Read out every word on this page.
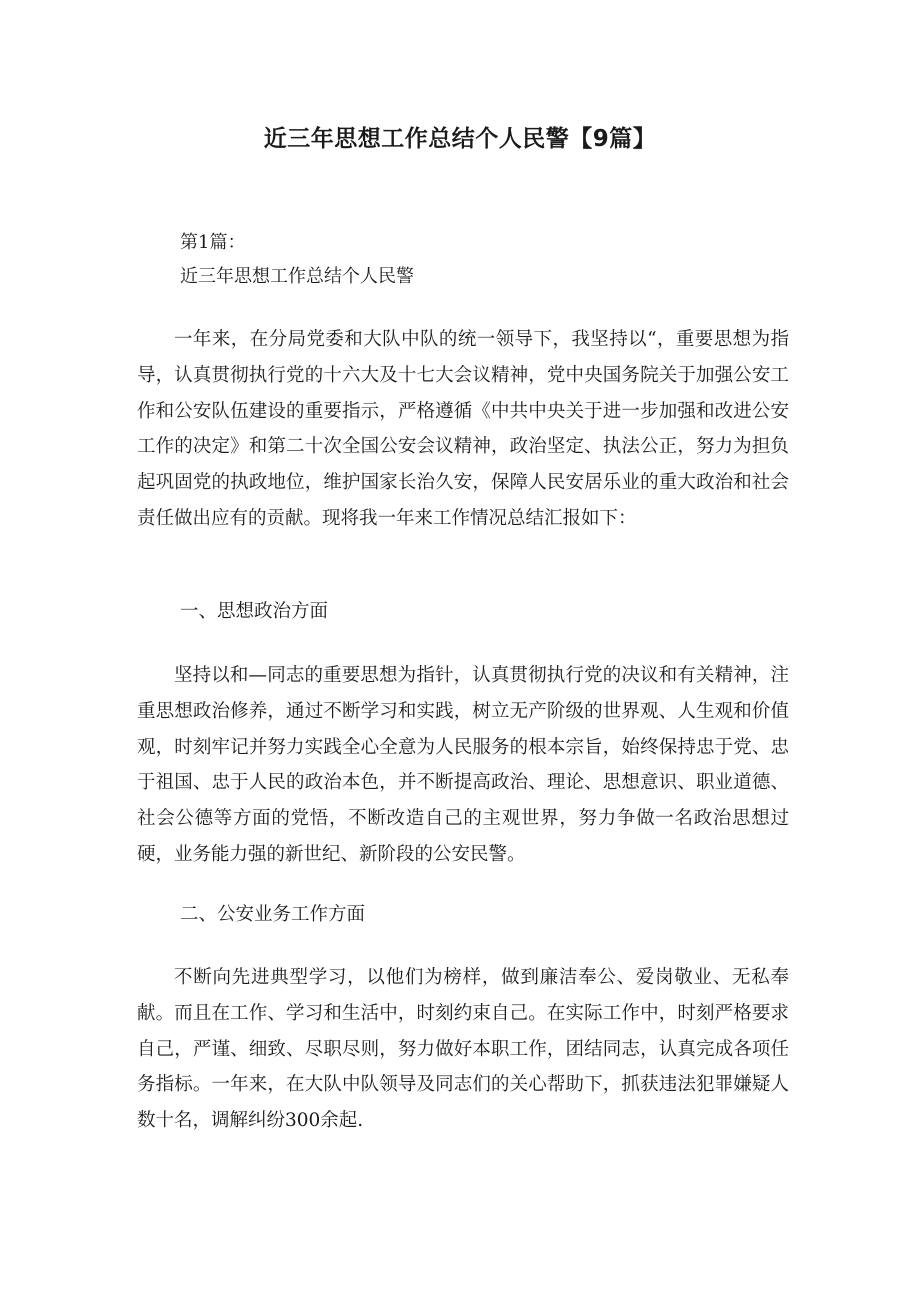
近三年思想工作总结个人民警【9篇】

第1篇：

近三年思想工作总结个人民警

一年来，在分局党委和大队中队的统一领导下，我坚持以“，重要思想为指导，认真贯彻执行党的十六大及十七大会议精神，党中央国务院关于加强公安工作和公安队伍建设的重要指示，严格遵循《中共中央关于进一步加强和改进公安工作的决定》和第二十次全国公安会议精神，政治坚定、执法公正，努力为担负起巩固党的执政地位，维护国家长治久安，保障人民安居乐业的重大政治和社会责任做出应有的贡献。现将我一年来工作情况总结汇报如下：

一、思想政治方面

坚持以和—同志的重要思想为指针，认真贯彻执行党的决议和有关精神，注重思想政治修养，通过不断学习和实践，树立无产阶级的世界观、人生观和价值观，时刻牢记并努力实践全心全意为人民服务的根本宗旨，始终保持忠于党、忠于祖国、忠于人民的政治本色，并不断提高政治、理论、思想意识、职业道德、社会公德等方面的党悟，不断改造自己的主观世界，努力争做一名政治思想过硬，业务能力强的新世纪、新阶段的公安民警。

二、公安业务工作方面

不断向先进典型学习，以他们为榜样，做到廉洁奉公、爱岗敬业、无私奉献。而且在工作、学习和生活中，时刻约束自己。在实际工作中，时刻严格要求自己，严谨、细致、尽职尽则，努力做好本职工作，团结同志，认真完成各项任务指标。一年来，在大队中队领导及同志们的关心帮助下，抓获违法犯罪嫌疑人数十名，调解纠纷300余起.
